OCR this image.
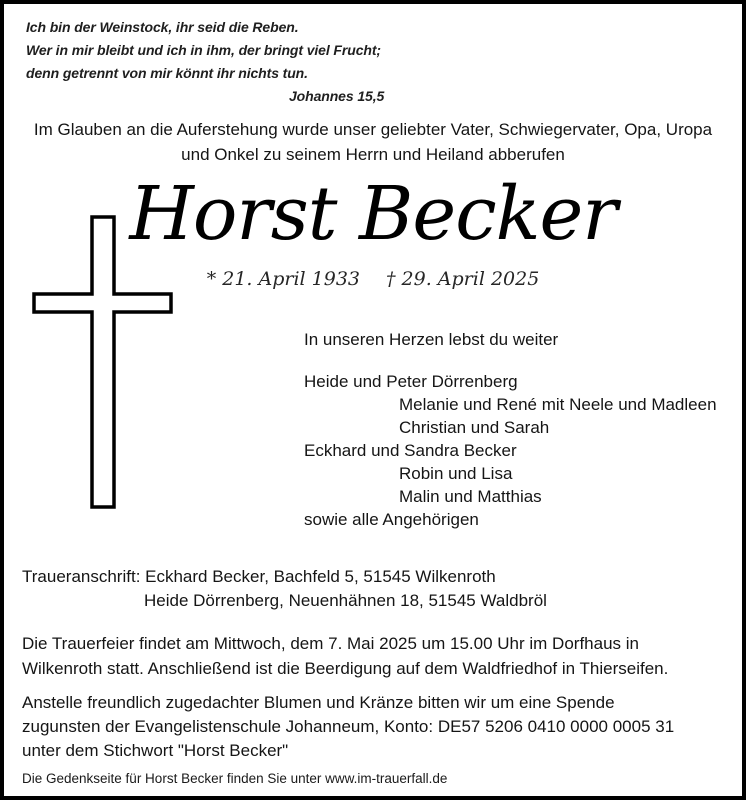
Ich bin der Weinstock, ihr seid die Reben.
Wer in mir bleibt und ich in ihm, der bringt viel Frucht;
denn getrennt von mir könnt ihr nichts tun.
Johannes 15,5
Im Glauben an die Auferstehung wurde unser geliebter Vater, Schwiegervater, Opa, Uropa
und Onkel zu seinem Herrn und Heiland abberufen
Horst Becker
* 21. April 1933 † 29. April 2025
In unseren Herzen lebst du weiter
Heide und Peter Dörrenberg
Melanie und René mit Neele und Madleen
Christian und Sarah
Eckhard und Sandra Becker
Robin und Lisa
Malin und Matthias
sowie alle Angehörigen
Traueranschrift: Eckhard Becker, Bachfeld 5, 51545 Wilkenroth
Heide Dörrenberg, Neuenhähnen 18, 51545 Waldbröl
Die Trauerfeier findet am Mittwoch, dem 7. Mai 2025 um 15.00 Uhr im Dorfhaus in
Wilkenroth statt. Anschließend ist die Beerdigung auf dem Waldfriedhof in Thierseifen.
Anstelle freundlich zugedachter Blumen und Kränze bitten wir um eine Spende
zugunsten der Evangelistenschule Johanneum, Konto: DE57 5206 0410 0000 0005 31
unter dem Stichwort "Horst Becker"
Die Gedenkseite für Horst Becker finden Sie unter www.im-trauerfall.de
